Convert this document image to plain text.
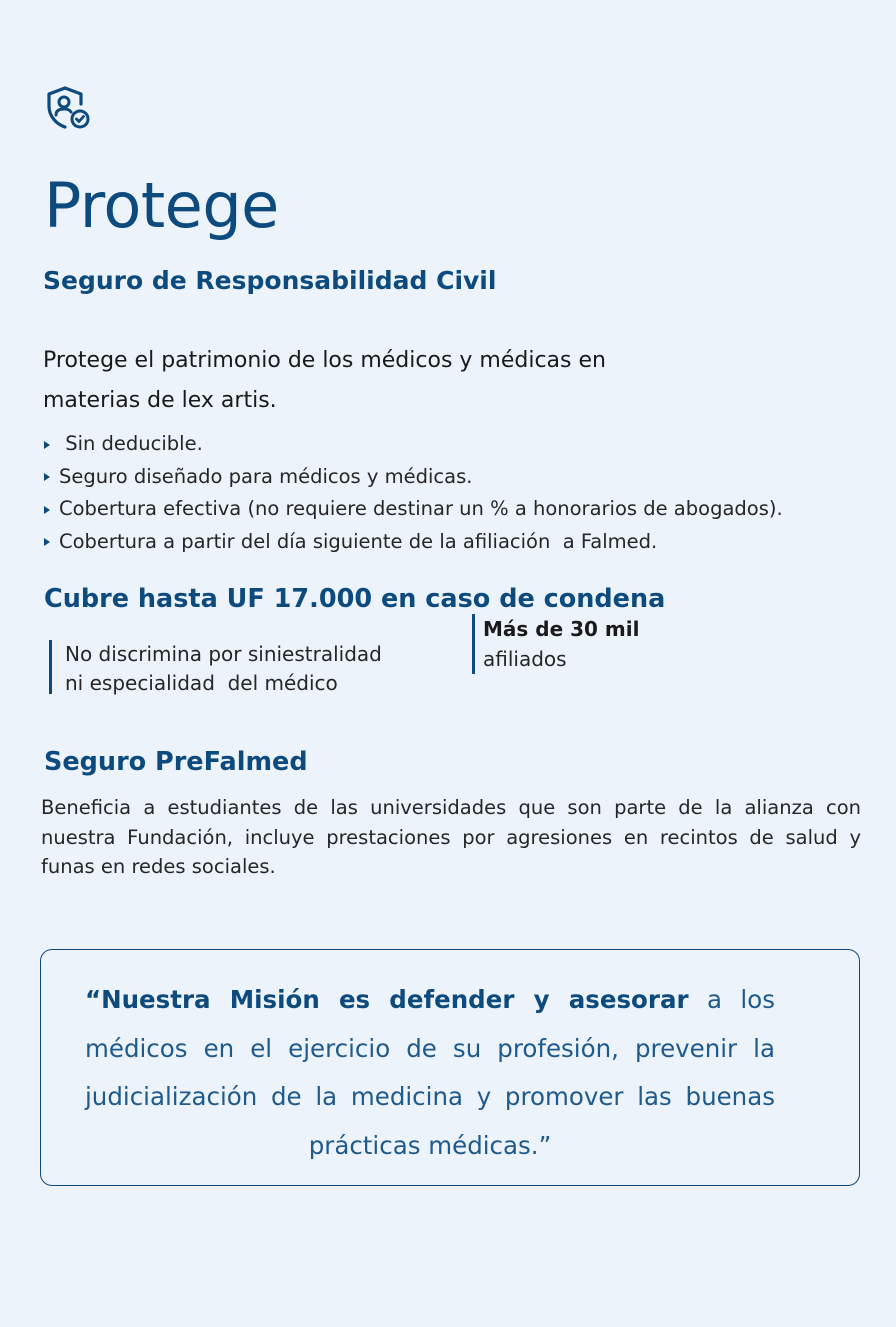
Protege
Seguro de Responsabilidad Civil
Protege el patrimonio de los médicos y médicas en
materias de lex artis.
Sin deducible.
Seguro diseñado para médicos y médicas.
Cobertura efectiva (no requiere destinar un % a honorarios de abogados).
Cobertura a partir del día siguiente de la afiliación  a Falmed.
Cubre hasta UF 17.000 en caso de condena
No discrimina por siniestralidad
ni especialidad  del médico
Más de 30 mil
afiliados
Seguro PreFalmed

Beneficia a estudiantes de las universidades que son parte de la alianza con nuestra Fundación, incluye prestaciones por agresiones en recintos de salud y funas en redes sociales.

“Nuestra Misión es defender y asesorar a los médicos en el ejercicio de su profesión, prevenir la judicialización de la medicina y promover las buenas prácticas médicas.”
